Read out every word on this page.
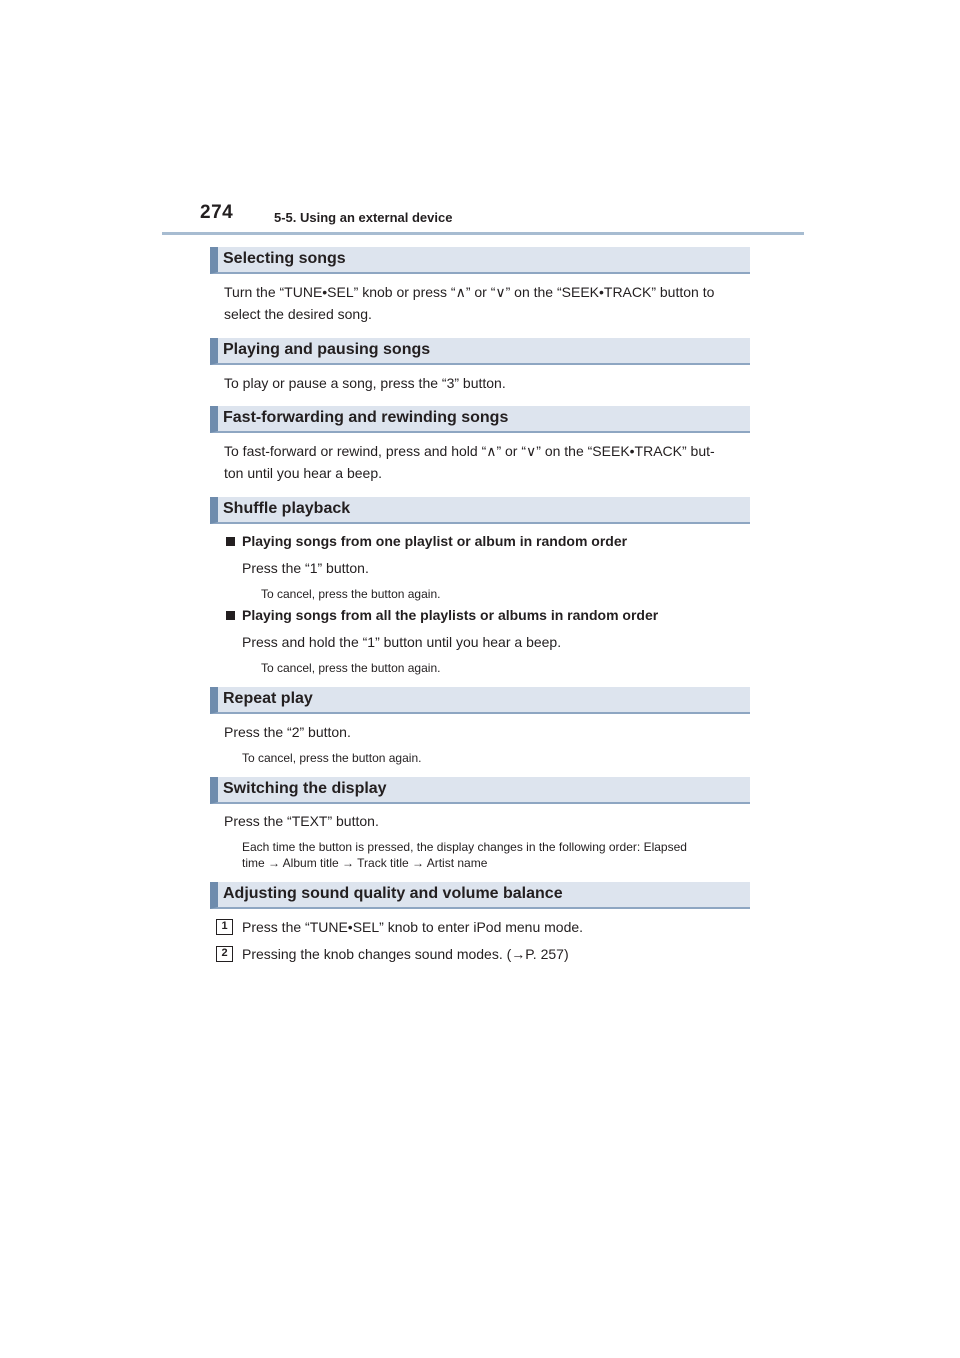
274	5-5. Using an external device
Selecting songs
Turn the “TUNE•SEL” knob or press “∧” or “∨” on the “SEEK•TRACK” button to
select the desired song.
Playing and pausing songs
To play or pause a song, press the “3” button.
Fast-forwarding and rewinding songs
To fast-forward or rewind, press and hold “∧” or “∨” on the “SEEK•TRACK” but-
ton until you hear a beep.
Shuffle playback
Playing songs from one playlist or album in random order
Press the “1” button.
To cancel, press the button again.
Playing songs from all the playlists or albums in random order
Press and hold the “1” button until you hear a beep.
To cancel, press the button again.
Repeat play
Press the “2” button.
To cancel, press the button again.
Switching the display
Press the “TEXT” button.
Each time the button is pressed, the display changes in the following order: Elapsed
time → Album title → Track title → Artist name
Adjusting sound quality and volume balance
1	Press the “TUNE•SEL” knob to enter iPod menu mode.
2	Pressing the knob changes sound modes. (→P. 257)
